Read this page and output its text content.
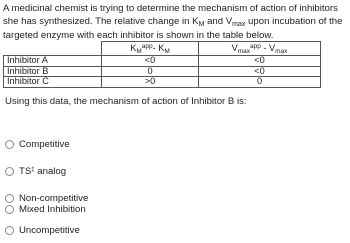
A medicinal chemist is trying to determine the mechanism of action of inhibitors she has synthesized. The relative change in $K_M$ and $V_{max}$ upon incubation of the targeted enzyme with each inhibitor is shown in the table below.

	$K_M^{app}-$ $K_M$	$V_{max}^{app} - V_{max}$
Inhibitor A	<0	<0
Inhibitor B	0	<0
Inhibitor C	>0	0

Using this data, the mechanism of action of Inhibitor B is:

Competitive
TS‡ analog
Non-competitive
Mixed Inhibition
Uncompetitive
